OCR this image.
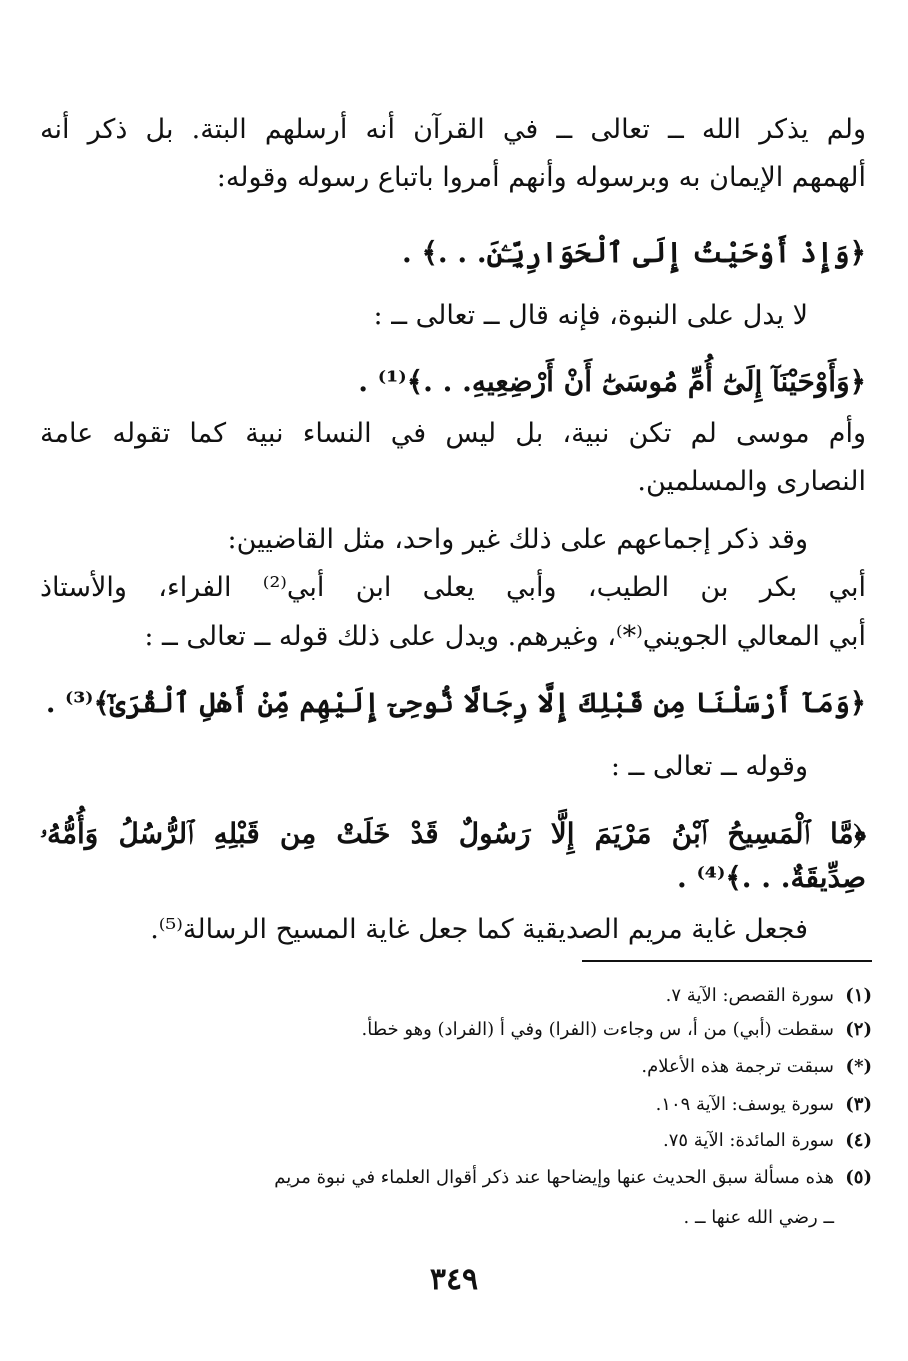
ولم يذكر الله ــ تعالى ــ في القرآن أنه أرسلهم البتة. بل ذكر أنه
ألهمهم الإيمان به وبرسوله وأنهم أمروا باتباع رسوله وقوله:
﴿وَإِذْ أَوْحَيْتُ إِلَى ٱلْحَوَارِيِّـۧنَ. . .﴾ .
لا يدل على النبوة، فإنه قال ــ تعالى ــ :
﴿وَأَوْحَيْنَآ إِلَىٰٓ أُمِّ مُوسَىٰٓ أَنْ أَرْضِعِيهِ. . .﴾⁽¹⁾ .
وأم موسى لم تكن نبية، بل ليس في النساء نبية كما تقوله عامة
النصارى والمسلمين.
وقد ذكر إجماعهم على ذلك غير واحد، مثل القاضيين:
أبي بكر بن الطيب، وأبي يعلى ابن أبي⁽²⁾ الفراء، والأستاذ
أبي المعالي الجويني⁽*⁾، وغيرهم. ويدل على ذلك قوله ــ تعالى ــ :
﴿وَمَآ أَرْسَلْنَا مِن قَبْلِكَ إِلَّا رِجَالًا نُّوحِىٓ إِلَيْهِم مِّنْ أَهْلِ ٱلْقُرَىٰٓ﴾⁽³⁾ .
وقوله ــ تعالى ــ :
﴿مَّا ٱلْمَسِيحُ ٱبْنُ مَرْيَمَ إِلَّا رَسُولٌ قَدْ خَلَتْ مِن قَبْلِهِ ٱلرُّسُلُ وَأُمُّهُۥ
صِدِّيقَةٌ. . .﴾⁽⁴⁾ .
فجعل غاية مريم الصديقية كما جعل غاية المسيح الرسالة⁽⁵⁾.
(١)سورة القصص: الآية ٧.
(٢)سقطت (أبي) من أ، س وجاءت (الفرا) وفي أ (الفراد) وهو خطأ.
(*)سبقت ترجمة هذه الأعلام.
(٣)سورة يوسف: الآية ١٠٩.
(٤)سورة المائدة: الآية ٧٥.
(٥)هذه مسألة سبق الحديث عنها وإيضاحها عند ذكر أقوال العلماء في نبوة مريم
ــ رضي الله عنها ــ .
٣٤٩
